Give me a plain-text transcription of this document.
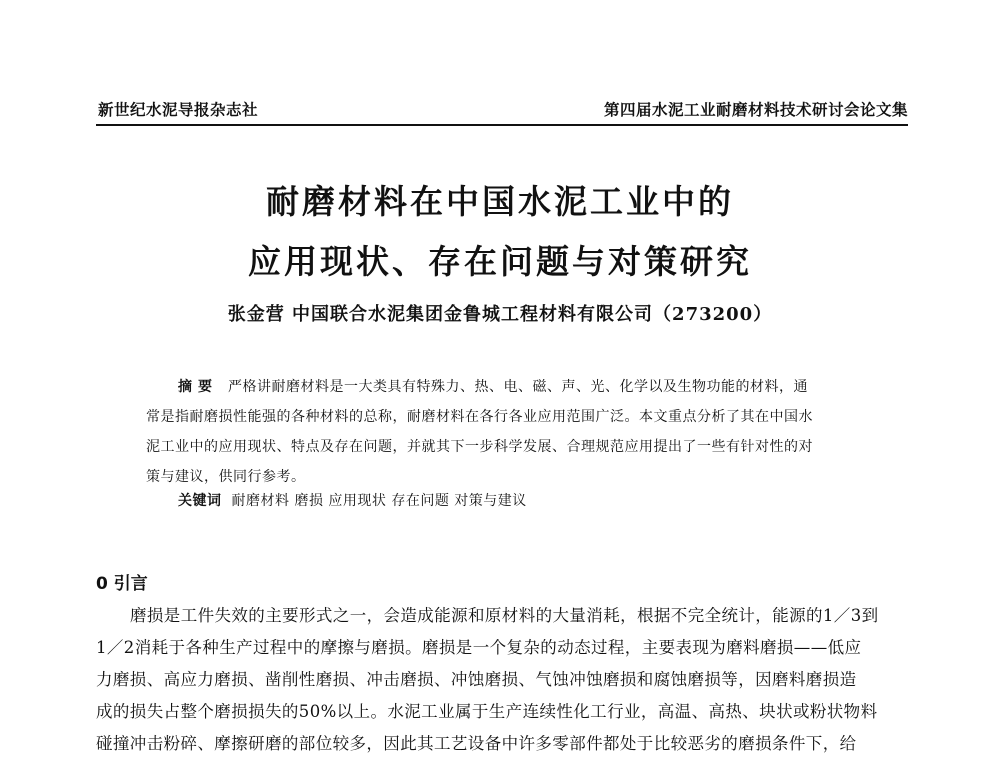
新世纪水泥导报杂志社	第四届水泥工业耐磨材料技术研讨会论文集
耐磨材料在中国水泥工业中的
应用现状、存在问题与对策研究
张金营 中国联合水泥集团金鲁城工程材料有限公司（273200）
摘要 严格讲耐磨材料是一大类具有特殊力、热、电、磁、声、光、化学以及生物功能的材料，通
常是指耐磨损性能强的各种材料的总称，耐磨材料在各行各业应用范围广泛。本文重点分析了其在中国水
泥工业中的应用现状、特点及存在问题，并就其下一步科学发展、合理规范应用提出了一些有针对性的对
策与建议，供同行参考。
关键词 耐磨材料 磨损 应用现状 存在问题 对策与建议
0 引言
磨损是工件失效的主要形式之一，会造成能源和原材料的大量消耗，根据不完全统计，能源的1／3到
1／2消耗于各种生产过程中的摩擦与磨损。磨损是一个复杂的动态过程，主要表现为磨料磨损——低应
力磨损、高应力磨损、凿削性磨损、冲击磨损、冲蚀磨损、气蚀冲蚀磨损和腐蚀磨损等，因磨料磨损造
成的损失占整个磨损损失的50%以上。水泥工业属于生产连续性化工行业，高温、高热、块状或粉状物料
碰撞冲击粉碎、摩擦研磨的部位较多，因此其工艺设备中许多零部件都处于比较恶劣的磨损条件下，给
